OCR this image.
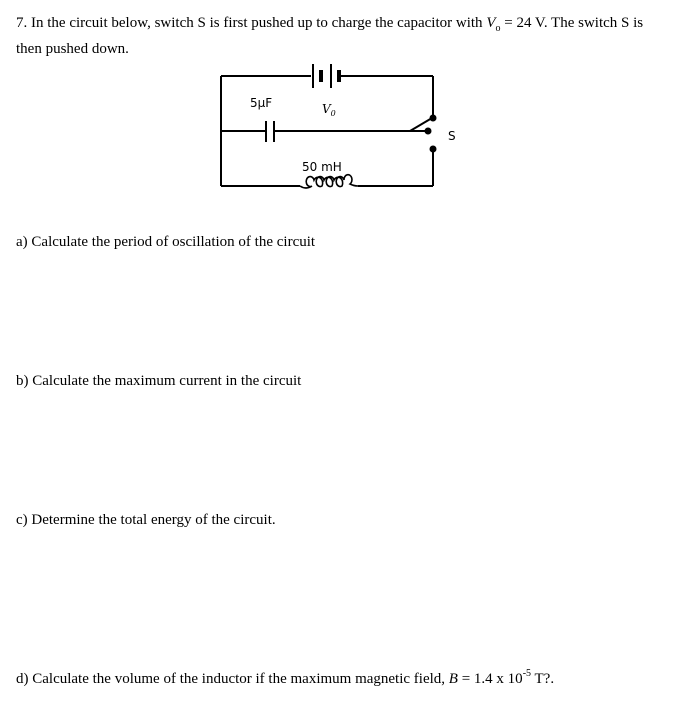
7. In the circuit below, switch S is first pushed up to charge the capacitor with $V_o = 24$ V. The switch S is then pushed down.
5μF	$V_0$
50 mH
S
a) Calculate the period of oscillation of the circuit
b) Calculate the maximum current in the circuit
c) Determine the total energy of the circuit.
d) Calculate the volume of the inductor if the maximum magnetic field, B = 1.4 x $10^{-5}$ T?.
